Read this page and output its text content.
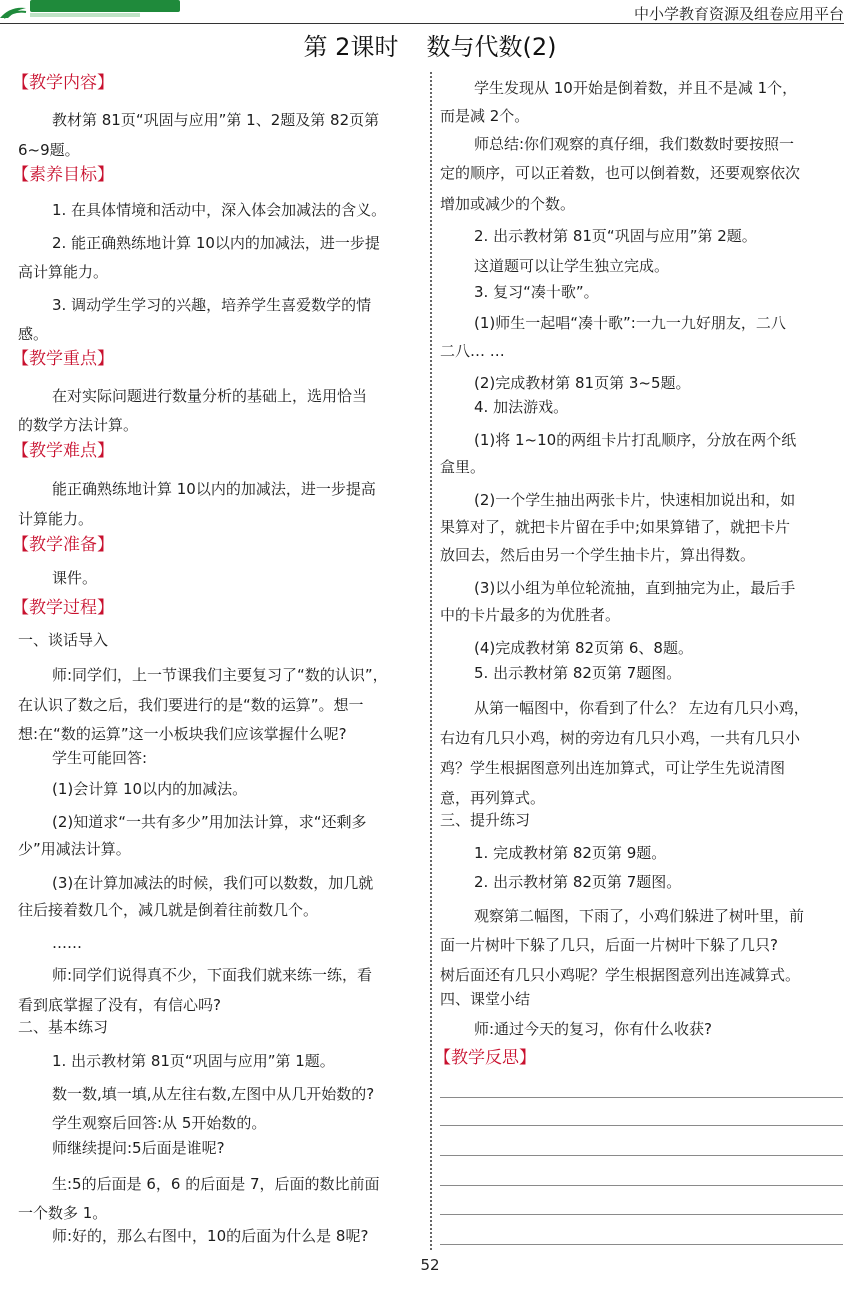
中小学教育资源及组卷应用平台
第 2课时 数与代数(2)
【教学内容】
教材第 81页“巩固与应用”第 1、2题及第 82页第
6~9题。
【素养目标】
1. 在具体情境和活动中，深入体会加减法的含义。
2. 能正确熟练地计算 10以内的加减法，进一步提
高计算能力。
3. 调动学生学习的兴趣，培养学生喜爱数学的情
感。
【教学重点】
在对实际问题进行数量分析的基础上，选用恰当
的数学方法计算。
【教学难点】
能正确熟练地计算 10以内的加减法，进一步提高
计算能力。
【教学准备】
课件。
【教学过程】
一、谈话导入
师:同学们，上一节课我们主要复习了“数的认识”，
在认识了数之后，我们要进行的是“数的运算”。想一
想:在“数的运算”这一小板块我们应该掌握什么呢?
学生可能回答:
(1)会计算 10以内的加减法。
(2)知道求“一共有多少”用加法计算，求“还剩多
少”用减法计算。
(3)在计算加减法的时候，我们可以数数，加几就
往后接着数几个，减几就是倒着往前数几个。
……
师:同学们说得真不少，下面我们就来练一练，看
看到底掌握了没有，有信心吗?
二、基本练习
1. 出示教材第 81页“巩固与应用”第 1题。
数一数,填一填,从左往右数,左图中从几开始数的?
学生观察后回答:从 5开始数的。
师继续提问:5后面是谁呢?
生:5的后面是 6，6 的后面是 7，后面的数比前面
一个数多 1。
师:好的，那么右图中，10的后面为什么是 8呢?
学生发现从 10开始是倒着数，并且不是减 1个，
而是减 2个。
师总结:你们观察的真仔细，我们数数时要按照一
定的顺序，可以正着数，也可以倒着数，还要观察依次
增加或减少的个数。
2. 出示教材第 81页“巩固与应用”第 2题。
这道题可以让学生独立完成。
3. 复习“凑十歌”。
(1)师生一起唱“凑十歌”:一九一九好朋友，二八
二八… …
(2)完成教材第 81页第 3~5题。
4. 加法游戏。
(1)将 1~10的两组卡片打乱顺序，分放在两个纸
盒里。
(2)一个学生抽出两张卡片，快速相加说出和，如
果算对了，就把卡片留在手中;如果算错了，就把卡片
放回去，然后由另一个学生抽卡片，算出得数。
(3)以小组为单位轮流抽，直到抽完为止，最后手
中的卡片最多的为优胜者。
(4)完成教材第 82页第 6、8题。
5. 出示教材第 82页第 7题图。
从第一幅图中，你看到了什么？ 左边有几只小鸡，
右边有几只小鸡，树的旁边有几只小鸡，一共有几只小
鸡？学生根据图意列出连加算式，可让学生先说清图
意，再列算式。
三、提升练习
1. 完成教材第 82页第 9题。
2. 出示教材第 82页第 7题图。
观察第二幅图，下雨了，小鸡们躲进了树叶里，前
面一片树叶下躲了几只，后面一片树叶下躲了几只?
树后面还有几只小鸡呢？学生根据图意列出连减算式。
四、课堂小结
师:通过今天的复习，你有什么收获?
【教学反思】
52
